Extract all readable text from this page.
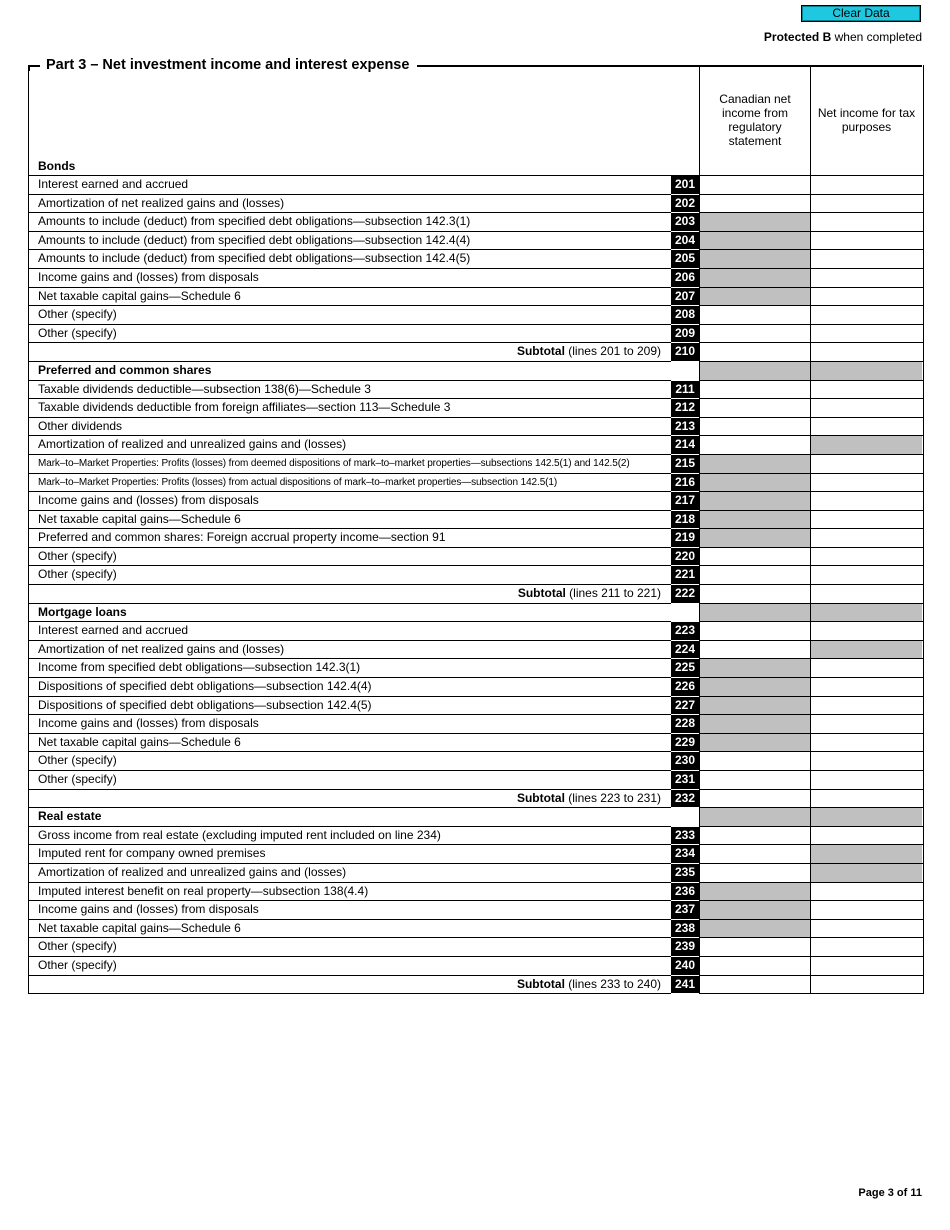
Clear Data
Protected B when completed
Bonds
Canadian net income from regulatory statement
Net income for tax purposes
Interest earned and accrued	201
Amortization of net realized gains and (losses)	202
Amounts to include (deduct) from specified debt obligations—subsection 142.3(1)	203
Amounts to include (deduct) from specified debt obligations—subsection 142.4(4)	204
Amounts to include (deduct) from specified debt obligations—subsection 142.4(5)	205
Income gains and (losses) from disposals	206
Net taxable capital gains—Schedule 6	207
Other (specify)	208
Other (specify)	209
Subtotal (lines 201 to 209)	210
Preferred and common shares
Taxable dividends deductible—subsection 138(6)—Schedule 3	211
Taxable dividends deductible from foreign affiliates—section 113—Schedule 3	212
Other dividends	213
Amortization of realized and unrealized gains and (losses)	214
Mark–to–Market Properties: Profits (losses) from deemed dispositions of mark–to–market properties—subsections 142.5(1) and 142.5(2)	215
Mark–to–Market Properties: Profits (losses) from actual dispositions of mark–to–market properties—subsection 142.5(1)	216
Income gains and (losses) from disposals	217
Net taxable capital gains—Schedule 6	218
Preferred and common shares: Foreign accrual property income—section 91	219
Other (specify)	220
Other (specify)	221
Subtotal (lines 211 to 221)	222
Mortgage loans
Interest earned and accrued	223
Amortization of net realized gains and (losses)	224
Income from specified debt obligations—subsection 142.3(1)	225
Dispositions of specified debt obligations—subsection 142.4(4)	226
Dispositions of specified debt obligations—subsection 142.4(5)	227
Income gains and (losses) from disposals	228
Net taxable capital gains—Schedule 6	229
Other (specify)	230
Other (specify)	231
Subtotal (lines 223 to 231)	232
Real estate
Gross income from real estate (excluding imputed rent included on line 234)	233
Imputed rent for company owned premises	234
Amortization of realized and unrealized gains and (losses)	235
Imputed interest benefit on real property—subsection 138(4.4)	236
Income gains and (losses) from disposals	237
Net taxable capital gains—Schedule 6	238
Other (specify)	239
Other (specify)	240
Subtotal (lines 233 to 240)	241
Part 3 – Net investment income and interest expense
Page 3 of 11
